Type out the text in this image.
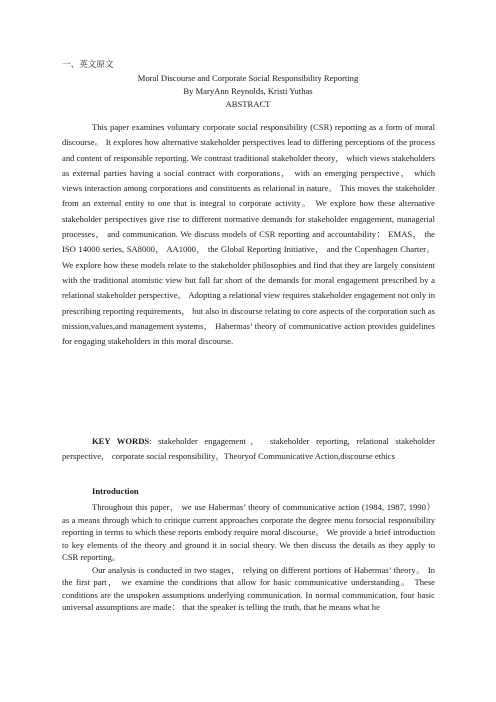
一、英文原文
Moral Discourse and Corporate Social Responsibility Reporting
By MaryAnn Reynolds, Kristi Yuthas
ABSTRACT

This paper examines voluntary corporate social responsibility (CSR) reporting as a form of moral discourse。 It explores how alternative stakeholder perspectives lead to differing perceptions of the process and content of responsible reporting. We contrast traditional stakeholder theory， which views stakeholders as external parties having a social contract with corporations， with an emerging perspective， which views interaction among corporations and constituents as relational in nature。 This moves the stakeholder from an external entity to one that is integral to corporate activity。 We explore how these alternative stakeholder perspectives give rise to different normative demands for stakeholder engagement, managerial processes， and communication. We discuss models of CSR reporting and accountability： EMAS， the ISO 14000 series, SA8000， AA1000， the Global Reporting Initiative， and the Copenhagen Charter。 We explore how these models relate to the stakeholder philosophies and find that they are largely consistent with the traditional atomistic view but fall far short of the demands for moral engagement prescribed by a relational stakeholder perspective。 Adopting a relational view requires stakeholder engagement not only in prescribing reporting requirements， but also in discourse relating to core aspects of the corporation such as mission,values,and management systems， Habermas’ theory of communicative action provides guidelines for engaging stakeholders in this moral discourse.

KEY WORDS: stakeholder engagement， stakeholder reporting, relational stakeholder perspective， corporate social responsibility，Theoryof Communicative Action,discourse ethics

Introduction

Throughout this paper， we use Habermas’ theory of communicative action (1984, 1987, 1990） as a means through which to critique current approaches corporate the degree menu forsocial responsibility reporting in terms to which these reports embody require moral discourse。 We provide a brief introduction to key elements of the theory and ground it in social theory. We then discuss the details as they apply to CSR reporting。

Our analysis is conducted in two stages， relying on different portions of Habermas’ theory。 In the first part， we examine the conditions that allow for basic communicative understanding。 These conditions are the unspoken assumptions underlying communication. In normal communication, four basic universal assumptions are made： that the speaker is telling the truth, that he means what he
